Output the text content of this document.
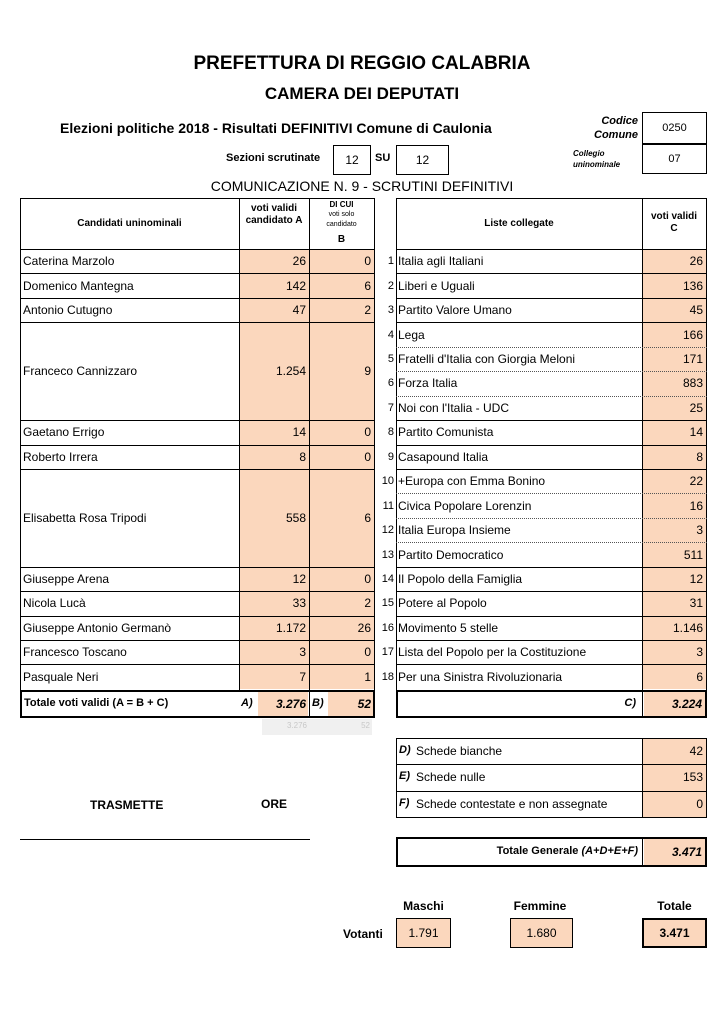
PREFETTURA DI REGGIO CALABRIA
CAMERA DEI DEPUTATI
Elezioni politiche 2018 - Risultati DEFINITIVI Comune di Caulonia	Codice Comune
0250
Collegio uninominale	07
Sezioni scrutinate	12	SU	12
COMUNICAZIONE N. 9 - SCRUTINI DEFINITIVI
Candidati uninominali
voti validi candidato A
DI CUI
voti solo candidato
B
Caterina Marzolo	26	0
Domenico Mantegna	142	6
Antonio Cutugno	47	2
Franceco Cannizzaro	1.254	9
Gaetano Errigo	14	0
Roberto Irrera	8	0
Elisabetta Rosa Tripodi	558	6
Giuseppe Arena	12	0
Nicola Lucà	33	2
Giuseppe Antonio Germanò	1.172	26
Francesco Toscano	3	0
Pasquale Neri	7	1
Totale voti validi (A = B + C)	A)	3.276 B)	52
3.276	52
Liste collegate
voti validi C
1 Italia agli Italiani	26
2 Liberi e Uguali	136
3 Partito Valore Umano	45
4 Lega	166
5 Fratelli d'Italia con Giorgia Meloni	171
6 Forza Italia	883
7 Noi con l'Italia - UDC	25
8 Partito Comunista	14
9 Casapound Italia	8
10 +Europa con Emma Bonino	22
11 Civica Popolare Lorenzin	16
12 Italia Europa Insieme	3
13 Partito Democratico	511
14 Il Popolo della Famiglia	12
15 Potere al Popolo	31
16 Movimento 5 stelle	1.146
17 Lista del Popolo per la Costituzione	3
18 Per una Sinistra Rivoluzionaria	6
C)	3.224
D) Schede bianche	42
E) Schede nulle	153
F) Schede contestate e non assegnate	0
TRASMETTE	ORE
Totale Generale (A+D+E+F)	3.471
Maschi	Femmine	Totale
Votanti	1.791	1.680	3.471
